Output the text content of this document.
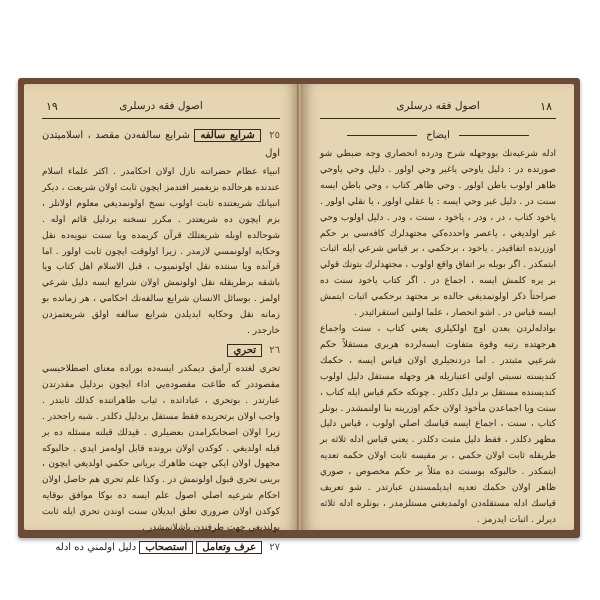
١٩	اصول فقه درسلری
٢٥ شرايع سالفه شرايع سالفه‌دن مقصد ، اسلاميتدن اول

انبياء عظام حضراتنه نازل اولان احكامدر . اكثر علماء اسلام عندنده هرحالده بزيغمبر افندمز ايچون ثابت اولان شريعت ، ديكر انبيانك شريعتنده ثابت اولوب نسخ اولونمديغي معلوم اولانلر ، بزم ايچون ده شريعتدر . مكرر نسخنه بردليل قائم اوله . شوحالده اوبله شريعتلك قرآن كريمده ويا سنت نبويه‌ده نقل وحكايه اولونمسي لازمدر . زيرا اولوقت ايچون ثابت اولور . اما قرآنده ويا سنتده نقل اولونميوب ، قبل الاسلام اهل كتاب ويا باشقه برطريقله نقل اولونمش اولان شرايع ايسه دليل شرعي اولمز . بوسائل الانسان شرايع سالفه‌نك احكامي ، هر زمانده بو زمانه نقل وحكايه ايديلدن شرايع سالفه اولق شريعتمزدن خارجدر .

٢٦ تحري

تحري لغتده آرامق ديمكدر ايسه‌ده بوراده معناي اصطلاحيسي مقصوددر كه طاعت مقصوده‌يي اداء ايچون بردليل مقدرتدن عبارتدر . بوتحري ، عباداتده ، ثياب طاهراتنده كذلك ثابتدر . واجب اولان برتحريده فقط مستقل بردليل دكلدر . شبه راجحدر . زيرا اولان اصحابكرامدن بعضيلري . قيدلك قبلنه مسئله ده بر قيله اولديغي . كوكدن اولان برونده قابل اوله‌مز ايدي . حالبوكه مجهول اولان ايكي جهت ظاهرك برياني حكمي اولديغي ايچون ، برينى تحري قبول اولونمش در . وكذا علم تحري هم حاصل اولان احكام شرعيه اصلي اصول علم ايسه ده بوكا موافق بوقايه كوكدن اولان ضروري تعلق ايديلان سنت اوندن تحري ايله ثابت بولنديغي جهت طرفندن باشلانمشدر .

٢٧ عرف وتعامل استصحاب دليل اولمني ده ادله
١٨
اصول فقه درسلری
ايضاح

ادله شرعيه‌نك بووجهله شرح ودرده انحصاري وجه ضبطي شو صورتده در : دليل ياوحي ياغير وحي اولور . دليل وحي ياوحي ظاهر اولوب باطن اولور . وحي ظاهر كتاب ، وحي باطن ايسه سنت در . دليل غير وحي ايسه : يا عقلي اولور ، يا نقلي اولور . ياخود كتاب ، در ، ودر ، ياخود ، سنت ، ودر . دليل اولوب وحي غير اولديغي ، ياعصر واحدده‌كي مجتهدلرك كافه‌سي بر حكم اوزرنده اتفاقيدر . ياخود ، برحكمي ، بر قياس شرعي ايله اثبات ايتمكدر . اگر بويله بر اتفاق واقع اولوب ، مجتهدلرك بتونك قولي بر يره كلمش ايسه ، اجماع در . اگر كتاب ياخود سنت ده صراحتاً ذكر اولونمديغي حالده بر مجتهد برحكمي اثبات ايتمش ايسه قياس در . اشو انحصار ، علما اولنين استقرائيدر .

بوادله‌لردن بعدن اوچ اولكيلري يعني كتاب ، سنت واجماع هرجهتده رتبه وقوة متفاوت ايسه‌لرده هربري مستقلاً حكم شرعيي مثبتدر . اما دردنجيلري اولان قياس ايسه ، حكمك كنديسنه نسبتي اولني اعتباريله هر وجهله مستقل دليل اولوب كنديسنده مستقل بر دليل دكلدر . چونكه حكم قياس ايله كتاب ، سنت ويا اجماعدن مأخوذ اولان حكم اوزرينه بنا اولنمشدر . بونلر كتاب ، سنت ، اجماع ايسه قياسك اصلي اولوب ، قياس دليل مظهر دكلدر ، فقط دليل مثبت دكلدر . يعني قياس ادله ثلاثه بر طريقله ثابت اولان حكمي ، بر مقيسه ثابت اولان حكمه تعديه ايتمكدر . حالبوكه بوسنت ده مثلاً بر حكم مخصوص ، صوري ظاهر اولان حكمك تعديه ايديلمسندن عبارتدر . شو تعريف قياسك ادله مستقله‌دن اولمديغني مستلزمدر ، بونلره ادله ثلاثه ديرلر . اثبات ايدرمز .
